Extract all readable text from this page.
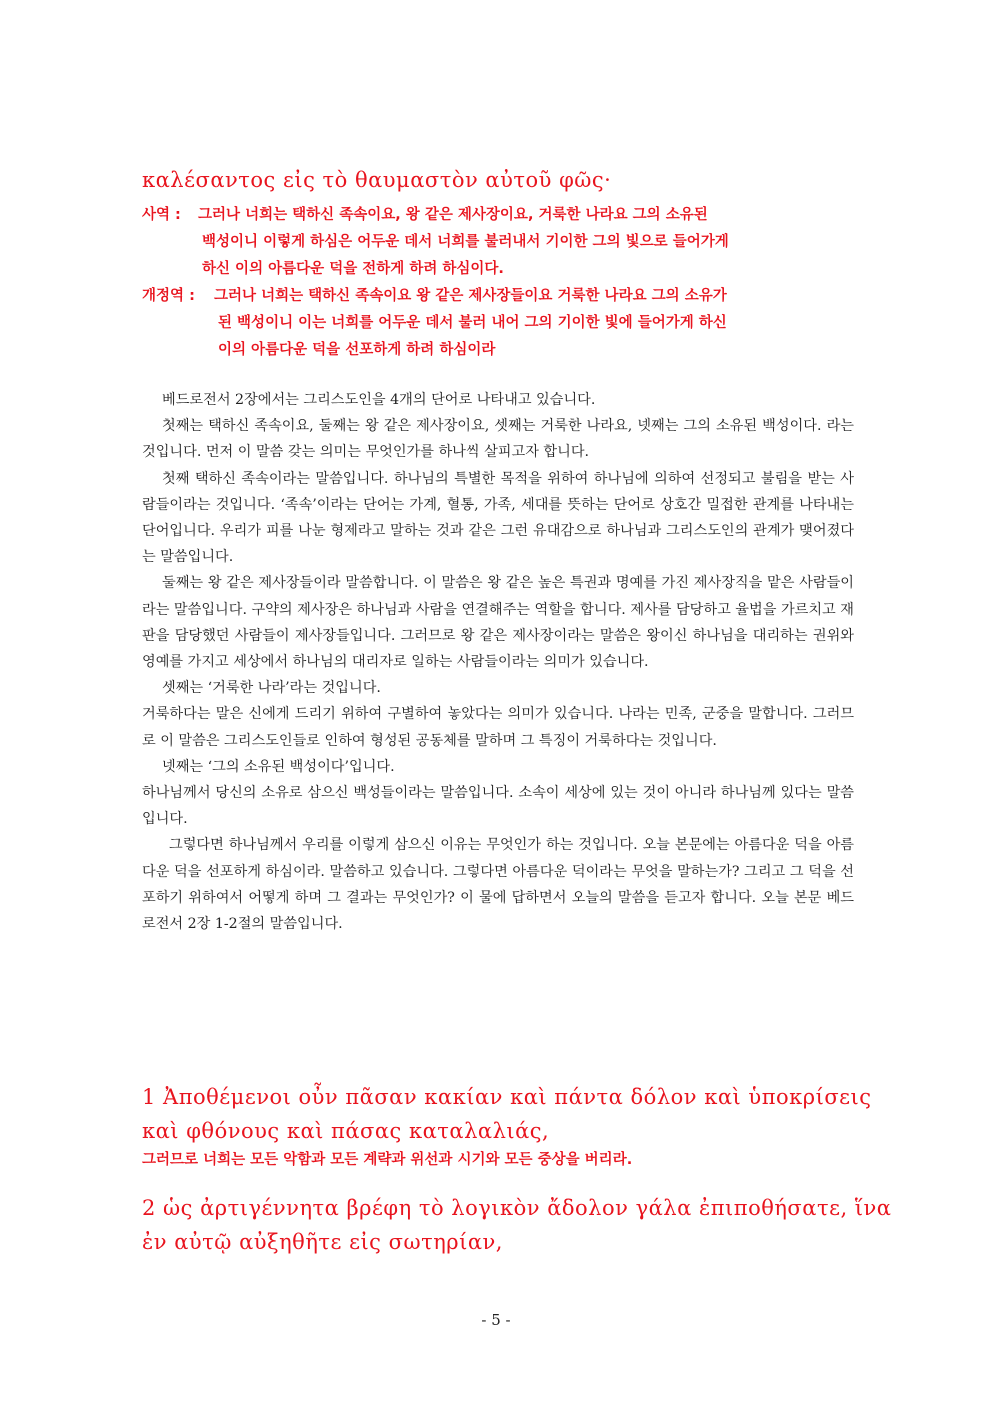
καλέσαντος εἰς τὸ θαυμαστὸν αὐτοῦ φῶς·
사역 : 그러나 너희는 택하신 족속이요, 왕 같은 제사장이요, 거룩한 나라요 그의 소유된
백성이니 이렇게 하심은 어두운 데서 너희를 불러내서 기이한 그의 빛으로 들어가게
하신 이의 아름다운 덕을 전하게 하려 하심이다.
개정역 : 그러나 너희는 택하신 족속이요 왕 같은 제사장들이요 거룩한 나라요 그의 소유가
된 백성이니 이는 너희를 어두운 데서 불러 내어 그의 기이한 빛에 들어가게 하신
이의 아름다운 덕을 선포하게 하려 하심이라

베드로전서 2장에서는 그리스도인을 4개의 단어로 나타내고 있습니다.

첫째는 택하신 족속이요, 둘째는 왕 같은 제사장이요, 셋째는 거룩한 나라요, 넷째는 그의 소유된 백성이다. 라는 것입니다. 먼저 이 말씀 갖는 의미는 무엇인가를 하나씩 살피고자 합니다.

첫째 택하신 족속이라는 말씀입니다. 하나님의 특별한 목적을 위하여 하나님에 의하여 선정되고 불림을 받는 사람들이라는 것입니다. ‘족속’이라는 단어는 가계, 혈통, 가족, 세대를 뜻하는 단어로 상호간 밀접한 관계를 나타내는 단어입니다. 우리가 피를 나눈 형제라고 말하는 것과 같은 그런 유대감으로 하나님과 그리스도인의 관계가 맺어졌다는 말씀입니다.

둘째는 왕 같은 제사장들이라 말씀합니다. 이 말씀은 왕 같은 높은 특권과 명예를 가진 제사장직을 맡은 사람들이라는 말씀입니다. 구약의 제사장은 하나님과 사람을 연결해주는 역할을 합니다. 제사를 담당하고 율법을 가르치고 재판을 담당했던 사람들이 제사장들입니다. 그러므로 왕 같은 제사장이라는 말씀은 왕이신 하나님을 대리하는 권위와 영예를 가지고 세상에서 하나님의 대리자로 일하는 사람들이라는 의미가 있습니다.

셋째는 ‘거룩한 나라’라는 것입니다.

거룩하다는 말은 신에게 드리기 위하여 구별하여 놓았다는 의미가 있습니다. 나라는 민족, 군중을 말합니다. 그러므로 이 말씀은 그리스도인들로 인하여 형성된 공동체를 말하며 그 특징이 거룩하다는 것입니다.

넷째는 ‘그의 소유된 백성이다’입니다.

하나님께서 당신의 소유로 삼으신 백성들이라는 말씀입니다. 소속이 세상에 있는 것이 아니라 하나님께 있다는 말씀입니다.

그렇다면 하나님께서 우리를 이렇게 삼으신 이유는 무엇인가 하는 것입니다. 오늘 본문에는 아름다운 덕을 아름다운 덕을 선포하게 하심이라. 말씀하고 있습니다. 그렇다면 아름다운 덕이라는 무엇을 말하는가? 그리고 그 덕을 선포하기 위하여서 어떻게 하며 그 결과는 무엇인가? 이 물에 답하면서 오늘의 말씀을 듣고자 합니다. 오늘 본문 베드로전서 2장 1-2절의 말씀입니다.

1 Ἀποθέμενοι οὖν πᾶσαν κακίαν καὶ πάντα δόλον καὶ ὑποκρίσεις
καὶ φθόνους καὶ πάσας καταλαλιάς,
그러므로 너희는 모든 악함과 모든 계략과 위선과 시기와 모든 중상을 버리라.
2 ὡς ἀρτιγέννητα βρέφη τὸ λογικὸν ἄδολον γάλα ἐπιποθήσατε, ἵνα
ἐν αὐτῷ αὐξηθῆτε εἰς σωτηρίαν,
- 5 -
